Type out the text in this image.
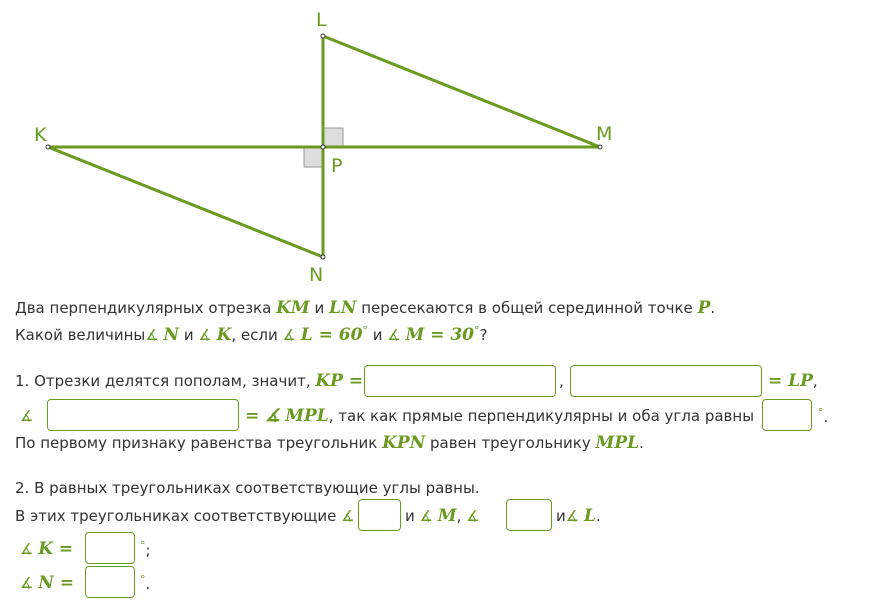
L
K	M
P
N
Два перпендикулярных отрезка KM и LN пересекаются в общей серединной точке P.
Какой величины∡ N и ∡ K, если ∡ L = 60° и ∡ M = 30°?
1. Отрезки делятся пополам, значит, KP =	,	= LP,
∡	= ∡ MPL, так как прямые перпендикулярны и оба угла равны	°.
По первому признаку равенства треугольник KPN равен треугольнику MPL.
2. В равных треугольниках соответствующие углы равны.
В этих треугольниках соответствующие ∡	и ∡ M, ∡	и∡ L.
∡ K =	°;
∡ N =	°.
